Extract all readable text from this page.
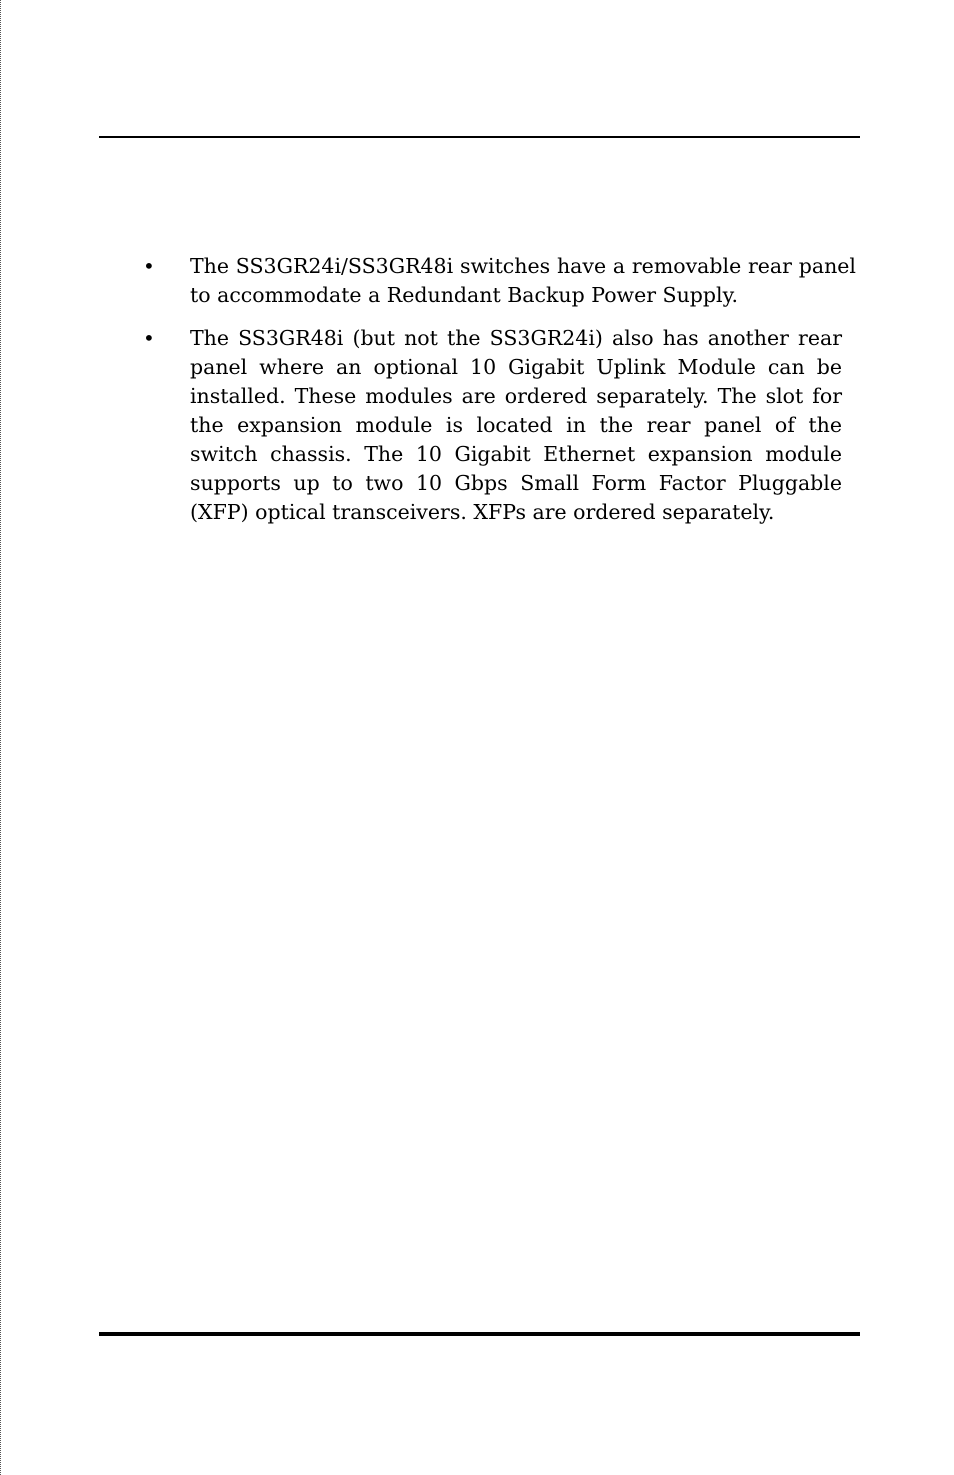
• The SS3GR24i/SS3GR48i switches have a removable rear panel to accommodate a Redundant Backup Power Supply.
• The SS3GR48i (but not the SS3GR24i) also has another rear panel where an optional 10 Gigabit Uplink Module can be installed. These modules are ordered separately. The slot for the expansion module is located in the rear panel of the switch chassis. The 10 Gigabit Ethernet expansion module supports up to two 10 Gbps Small Form Factor Pluggable (XFP) optical transceivers. XFPs are ordered separately.
